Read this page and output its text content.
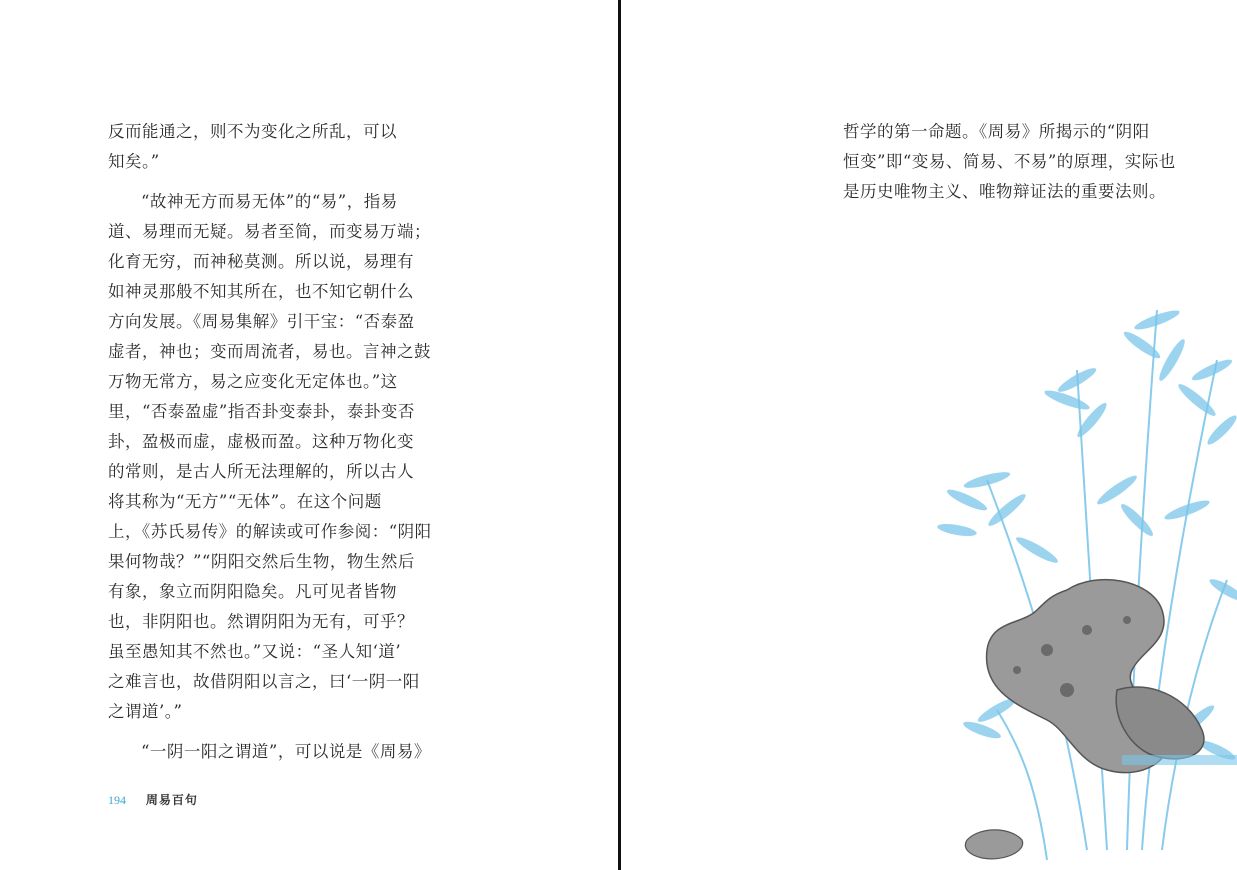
反而能通之，则不为变化之所乱，可以
知矣。”

“故神无方而易无体”的“易”，指易
道、易理而无疑。易者至简，而变易万端；
化育无穷，而神秘莫测。所以说，易理有
如神灵那般不知其所在，也不知它朝什么
方向发展。《周易集解》引干宝：“否泰盈
虚者，神也；变而周流者，易也。言神之鼓
万物无常方，易之应变化无定体也。”这
里，“否泰盈虚”指否卦变泰卦，泰卦变否
卦，盈极而虚，虚极而盈。这种万物化变
的常则，是古人所无法理解的，所以古人
将其称为“无方”“无体”。在这个问题
上，《苏氏易传》的解读或可作参阅：“阴阳
果何物哉？”“阴阳交然后生物，物生然后
有象，象立而阴阳隐矣。凡可见者皆物
也，非阴阳也。然谓阴阳为无有，可乎？
虽至愚知其不然也。”又说：“圣人知‘道’
之难言也，故借阴阳以言之，曰‘一阴一阳
之谓道’。”

“一阴一阳之谓道”，可以说是《周易》

194 周易百句

哲学的第一命题。《周易》所揭示的“阴阳
恒变”即“变易、简易、不易”的原理，实际也
是历史唯物主义、唯物辩证法的重要法则。
